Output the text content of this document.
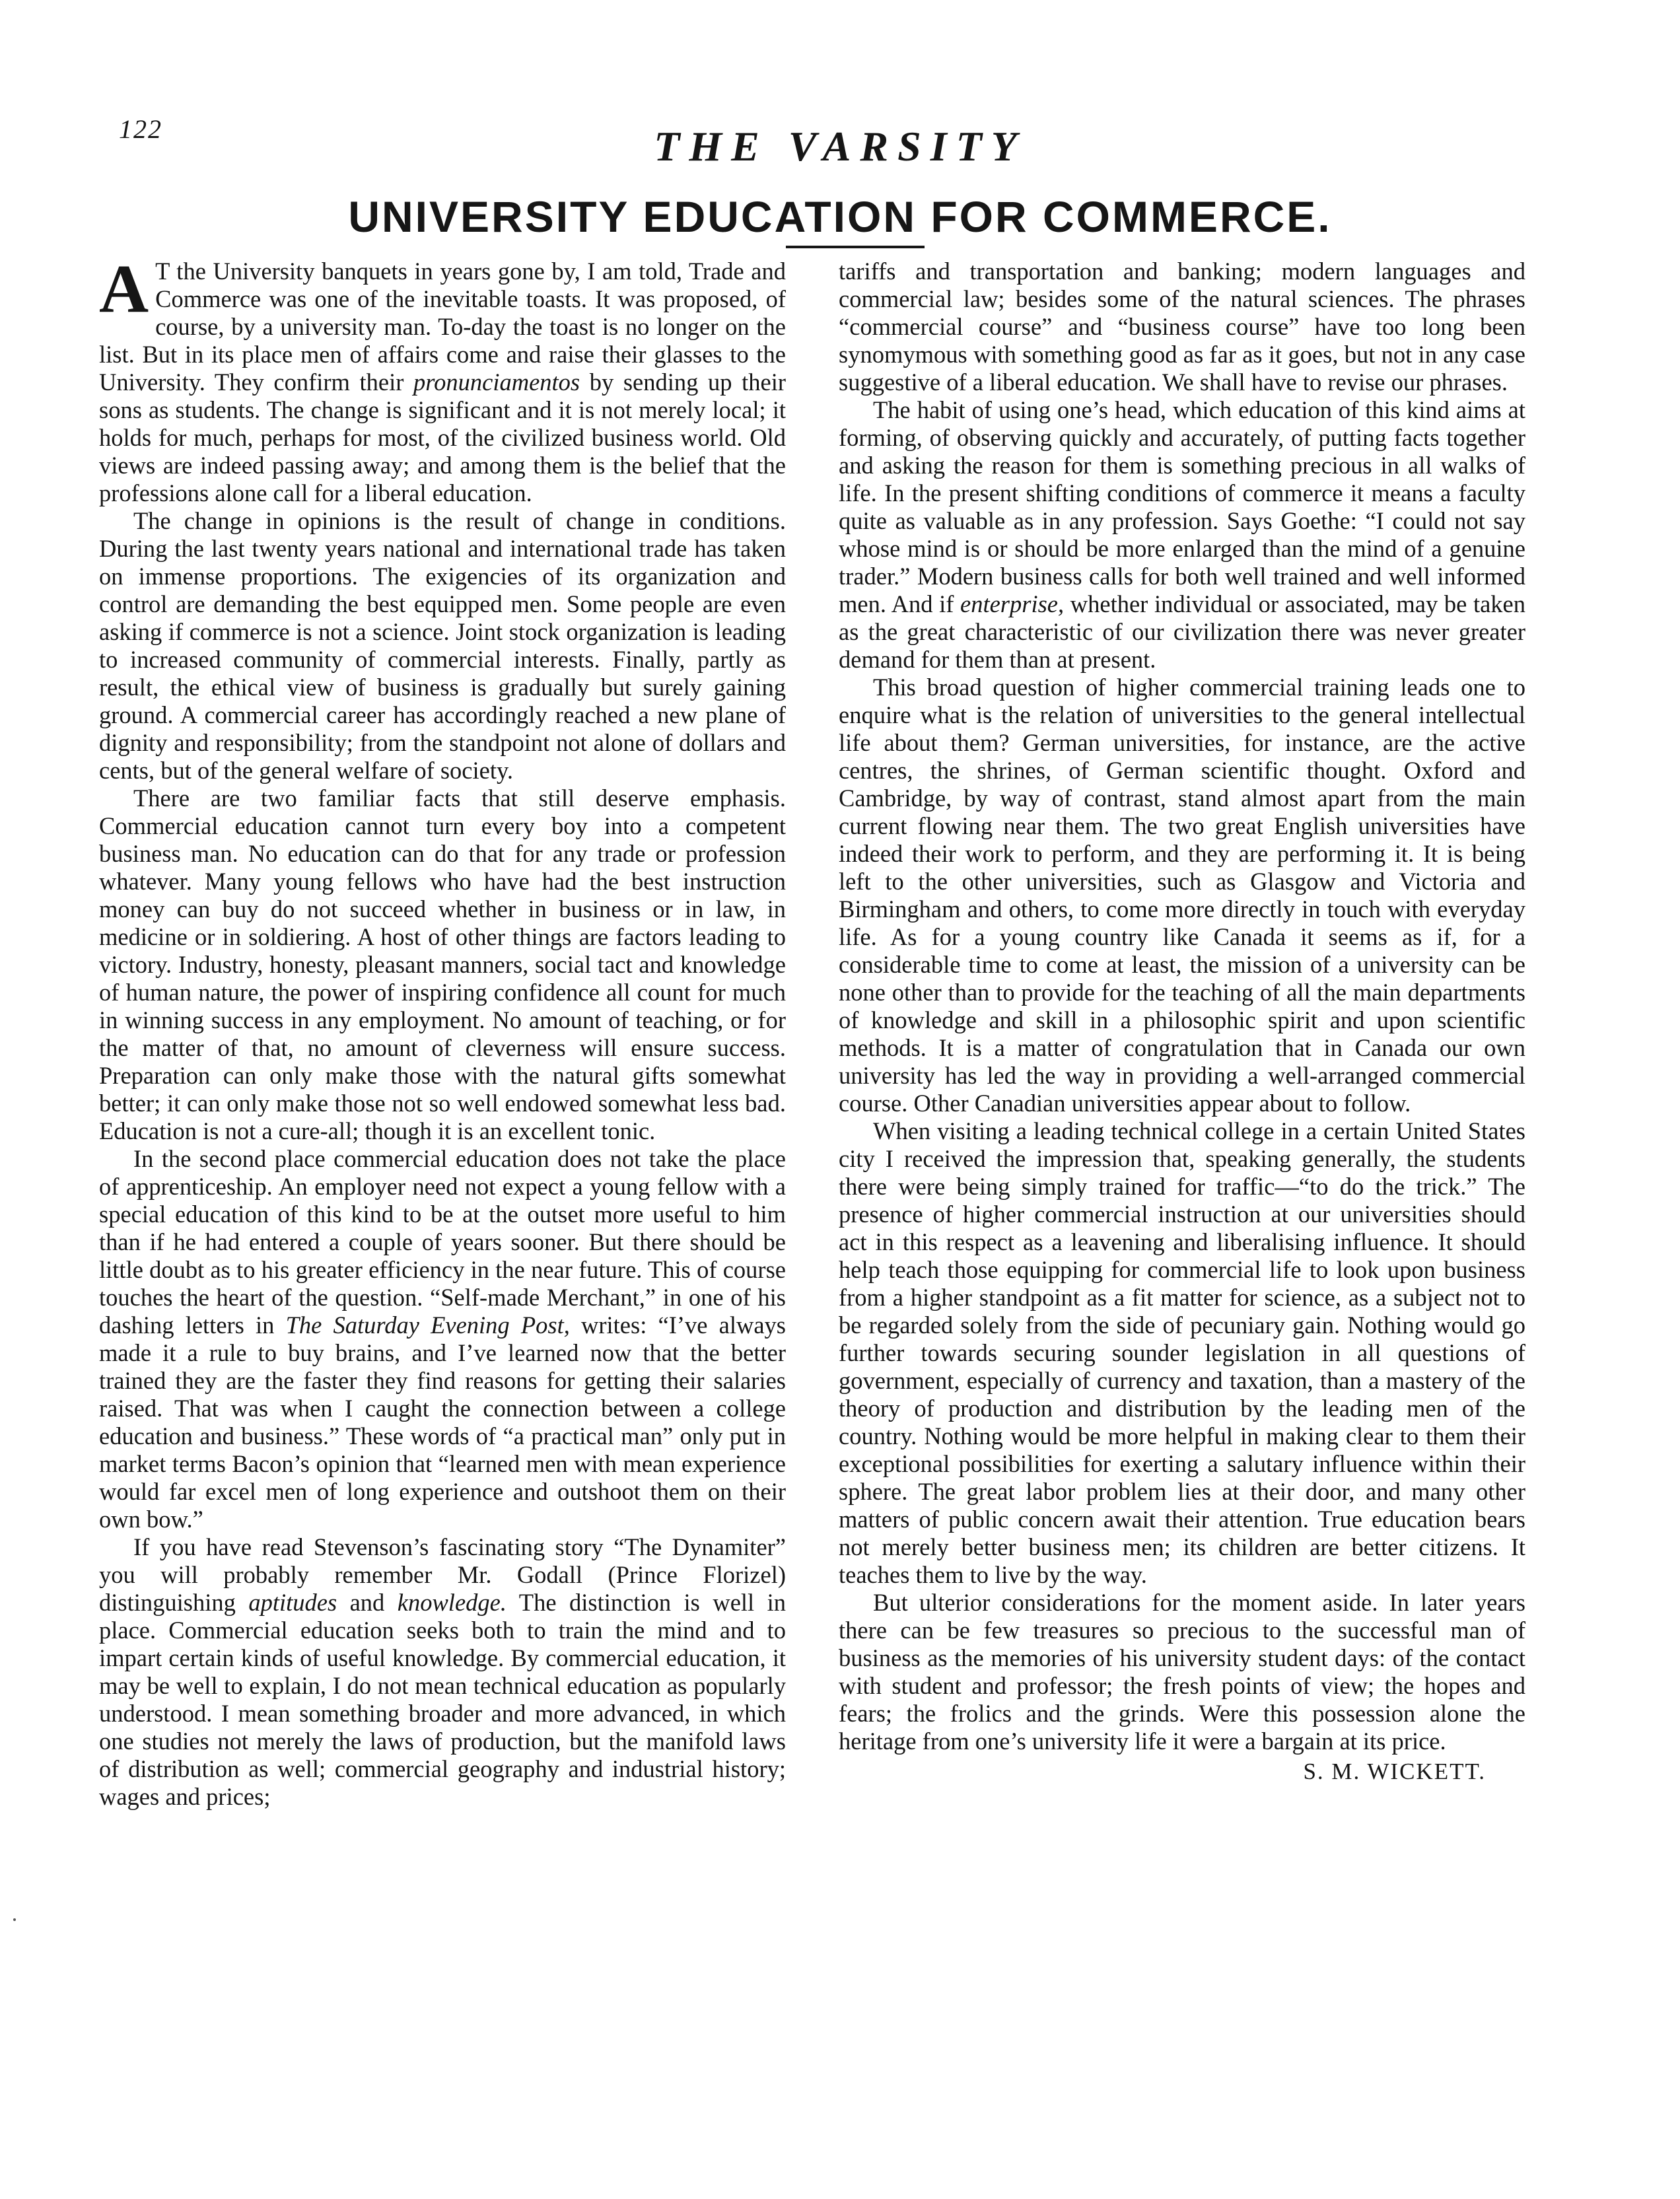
122	THE VARSITY
UNIVERSITY EDUCATION FOR COMMERCE.

A T the University banquets in years gone by, I am told, Trade and Commerce was one of the inevitable toasts. It was proposed, of course, by a university man. To-day the toast is no longer on the list. But in its place men of affairs come and raise their glasses to the University. They confirm their pronunciamentos by sending up their sons as students. The change is significant and it is not merely local; it holds for much, perhaps for most, of the civilized business world. Old views are indeed passing away; and among them is the belief that the professions alone call for a liberal education.

The change in opinions is the result of change in conditions. During the last twenty years national and international trade has taken on immense proportions. The exigencies of its organization and control are demanding the best equipped men. Some people are even asking if commerce is not a science. Joint stock organization is leading to increased community of commercial interests. Finally, partly as result, the ethical view of business is gradually but surely gaining ground. A commercial career has accordingly reached a new plane of dignity and responsibility; from the standpoint not alone of dollars and cents, but of the general welfare of society.

There are two familiar facts that still deserve emphasis. Commercial education cannot turn every boy into a competent business man. No education can do that for any trade or profession whatever. Many young fellows who have had the best instruction money can buy do not succeed whether in business or in law, in medicine or in soldiering. A host of other things are factors leading to victory. Industry, honesty, pleasant manners, social tact and knowledge of human nature, the power of inspiring confidence all count for much in winning success in any employment. No amount of teaching, or for the matter of that, no amount of cleverness will ensure success. Preparation can only make those with the natural gifts somewhat better; it can only make those not so well endowed somewhat less bad. Education is not a cure-all; though it is an excellent tonic.

In the second place commercial education does not take the place of apprenticeship. An employer need not expect a young fellow with a special education of this kind to be at the outset more useful to him than if he had entered a couple of years sooner. But there should be little doubt as to his greater efficiency in the near future. This of course touches the heart of the question. “Self-made Merchant,” in one of his dashing letters in The Saturday Evening Post, writes: “I’ve always made it a rule to buy brains, and I’ve learned now that the better trained they are the faster they find reasons for getting their salaries raised. That was when I caught the connection between a college education and business.” These words of “a practical man” only put in market terms Bacon’s opinion that “learned men with mean experience would far excel men of long experience and outshoot them on their own bow.”

If you have read Stevenson’s fascinating story “The Dynamiter” you will probably remember Mr. Godall (Prince Florizel) distinguishing aptitudes and knowledge. The distinction is well in place. Commercial education seeks both to train the mind and to impart certain kinds of useful knowledge. By commercial education, it may be well to explain, I do not mean technical education as popularly understood. I mean something broader and more advanced, in which one studies not merely the laws of production, but the manifold laws of distribution as well; commercial geography and industrial history; wages and prices;

tariffs and transportation and banking; modern languages and commercial law; besides some of the natural sciences. The phrases “commercial course” and “business course” have too long been synomymous with something good as far as it goes, but not in any case suggestive of a liberal education. We shall have to revise our phrases.

The habit of using one’s head, which education of this kind aims at forming, of observing quickly and accurately, of putting facts together and asking the reason for them is something precious in all walks of life. In the present shifting conditions of commerce it means a faculty quite as valuable as in any profession. Says Goethe: “I could not say whose mind is or should be more enlarged than the mind of a genuine trader.” Modern business calls for both well trained and well informed men. And if enterprise, whether individual or associated, may be taken as the great characteristic of our civilization there was never greater demand for them than at present.

This broad question of higher commercial training leads one to enquire what is the relation of universities to the general intellectual life about them? German universities, for instance, are the active centres, the shrines, of German scientific thought. Oxford and Cambridge, by way of contrast, stand almost apart from the main current flowing near them. The two great English universities have indeed their work to perform, and they are performing it. It is being left to the other universities, such as Glasgow and Victoria and Birmingham and others, to come more directly in touch with everyday life. As for a young country like Canada it seems as if, for a considerable time to come at least, the mission of a university can be none other than to provide for the teaching of all the main departments of knowledge and skill in a philosophic spirit and upon scientific methods. It is a matter of congratulation that in Canada our own university has led the way in providing a well-arranged commercial course. Other Canadian universities appear about to follow.

When visiting a leading technical college in a certain United States city I received the impression that, speaking generally, the students there were being simply trained for traffic—“to do the trick.” The presence of higher commercial instruction at our universities should act in this respect as a leavening and liberalising influence. It should help teach those equipping for commercial life to look upon business from a higher standpoint as a fit matter for science, as a subject not to be regarded solely from the side of pecuniary gain. Nothing would go further towards securing sounder legislation in all questions of government, especially of currency and taxation, than a mastery of the theory of production and distribution by the leading men of the country. Nothing would be more helpful in making clear to them their exceptional possibilities for exerting a salutary influence within their sphere. The great labor problem lies at their door, and many other matters of public concern await their attention. True education bears not merely better business men; its children are better citizens. It teaches them to live by the way.

But ulterior considerations for the moment aside. In later years there can be few treasures so precious to the successful man of business as the memories of his university student days: of the contact with student and professor; the fresh points of view; the hopes and fears; the frolics and the grinds. Were this possession alone the heritage from one’s university life it were a bargain at its price.

S. M. WICKETT.
